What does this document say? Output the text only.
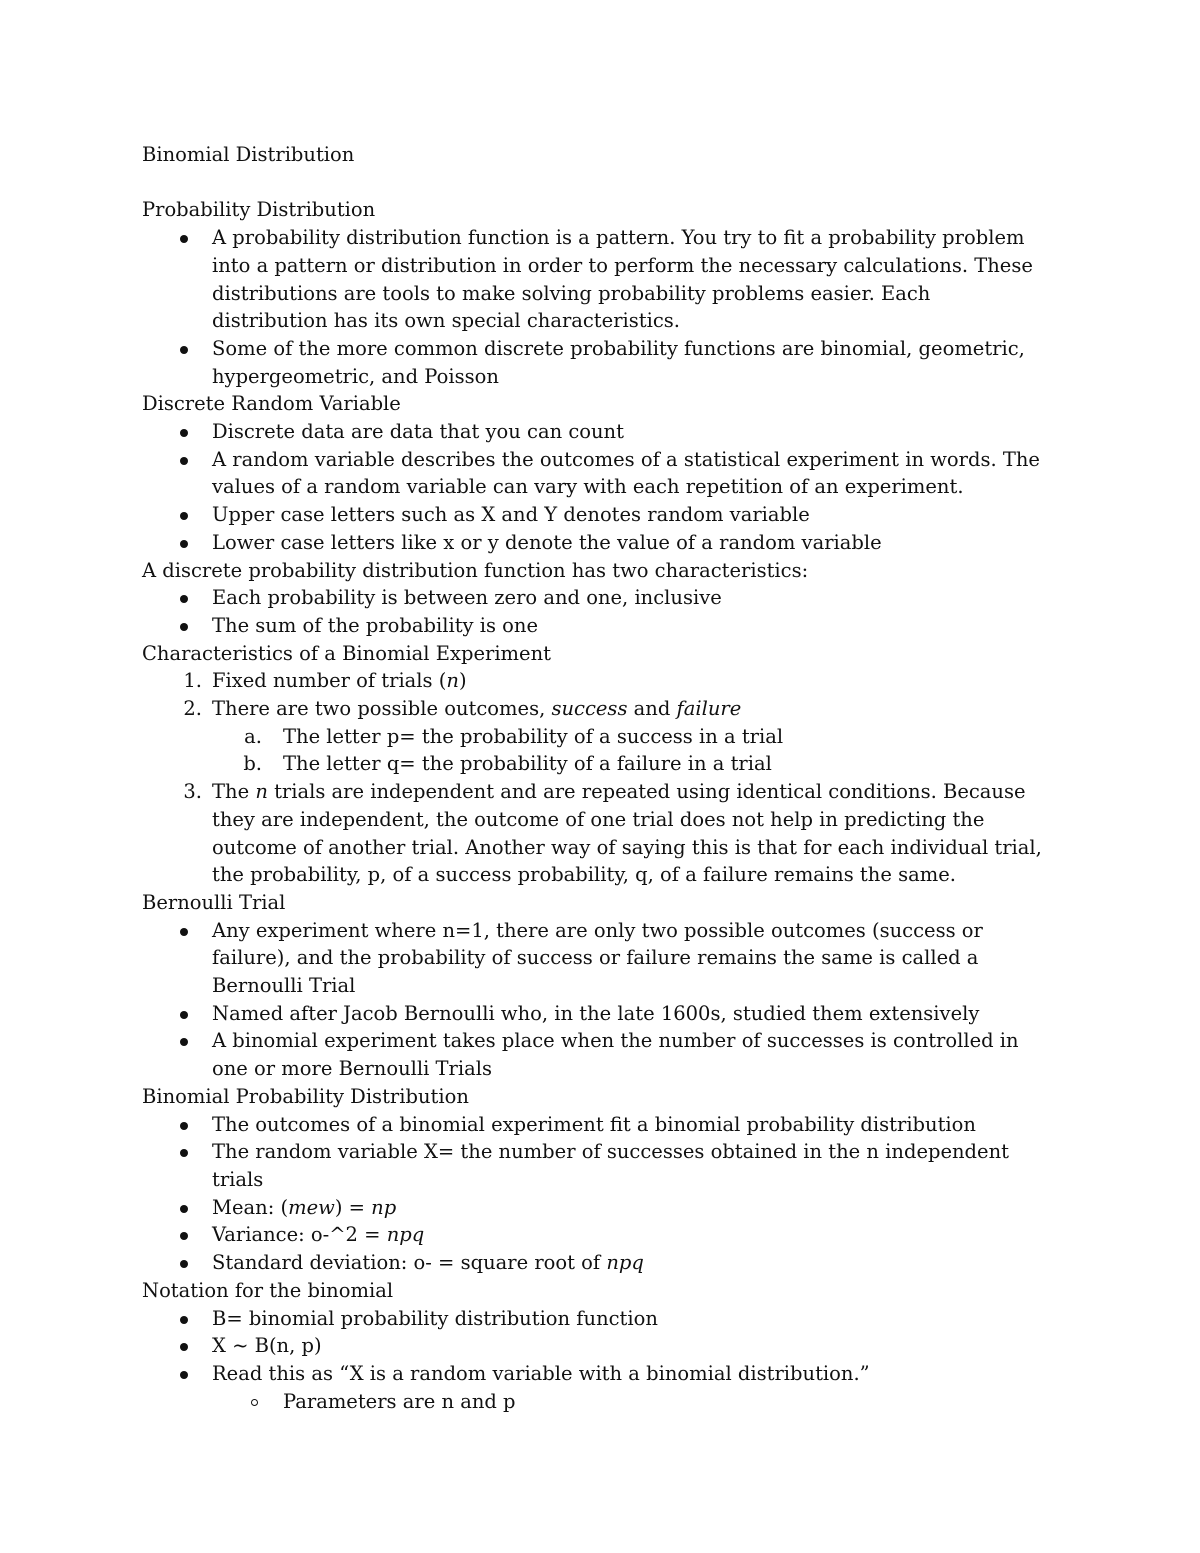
Binomial Distribution
Probability Distribution
A probability distribution function is a pattern. You try to fit a probability problem
into a pattern or distribution in order to perform the necessary calculations. These
distributions are tools to make solving probability problems easier. Each
distribution has its own special characteristics.
Some of the more common discrete probability functions are binomial, geometric,
hypergeometric, and Poisson
Discrete Random Variable
Discrete data are data that you can count
A random variable describes the outcomes of a statistical experiment in words. The
values of a random variable can vary with each repetition of an experiment.
Upper case letters such as X and Y denotes random variable
Lower case letters like x or y denote the value of a random variable
A discrete probability distribution function has two characteristics:
Each probability is between zero and one, inclusive
The sum of the probability is one
Characteristics of a Binomial Experiment
1. Fixed number of trials (n)
2. There are two possible outcomes, success and failure
a. The letter p= the probability of a success in a trial
b. The letter q= the probability of a failure in a trial
3. The n trials are independent and are repeated using identical conditions. Because
they are independent, the outcome of one trial does not help in predicting the
outcome of another trial. Another way of saying this is that for each individual trial,
the probability, p, of a success probability, q, of a failure remains the same.
Bernoulli Trial
Any experiment where n=1, there are only two possible outcomes (success or
failure), and the probability of success or failure remains the same is called a
Bernoulli Trial
Named after Jacob Bernoulli who, in the late 1600s, studied them extensively
A binomial experiment takes place when the number of successes is controlled in
one or more Bernoulli Trials
Binomial Probability Distribution
The outcomes of a binomial experiment fit a binomial probability distribution
The random variable X= the number of successes obtained in the n independent
trials
Mean: (mew) = np
Variance: o-^2 = npq
Standard deviation: o- = square root of npq
Notation for the binomial
B= binomial probability distribution function
X ~ B(n, p)
Read this as “X is a random variable with a binomial distribution.”
Parameters are n and p
